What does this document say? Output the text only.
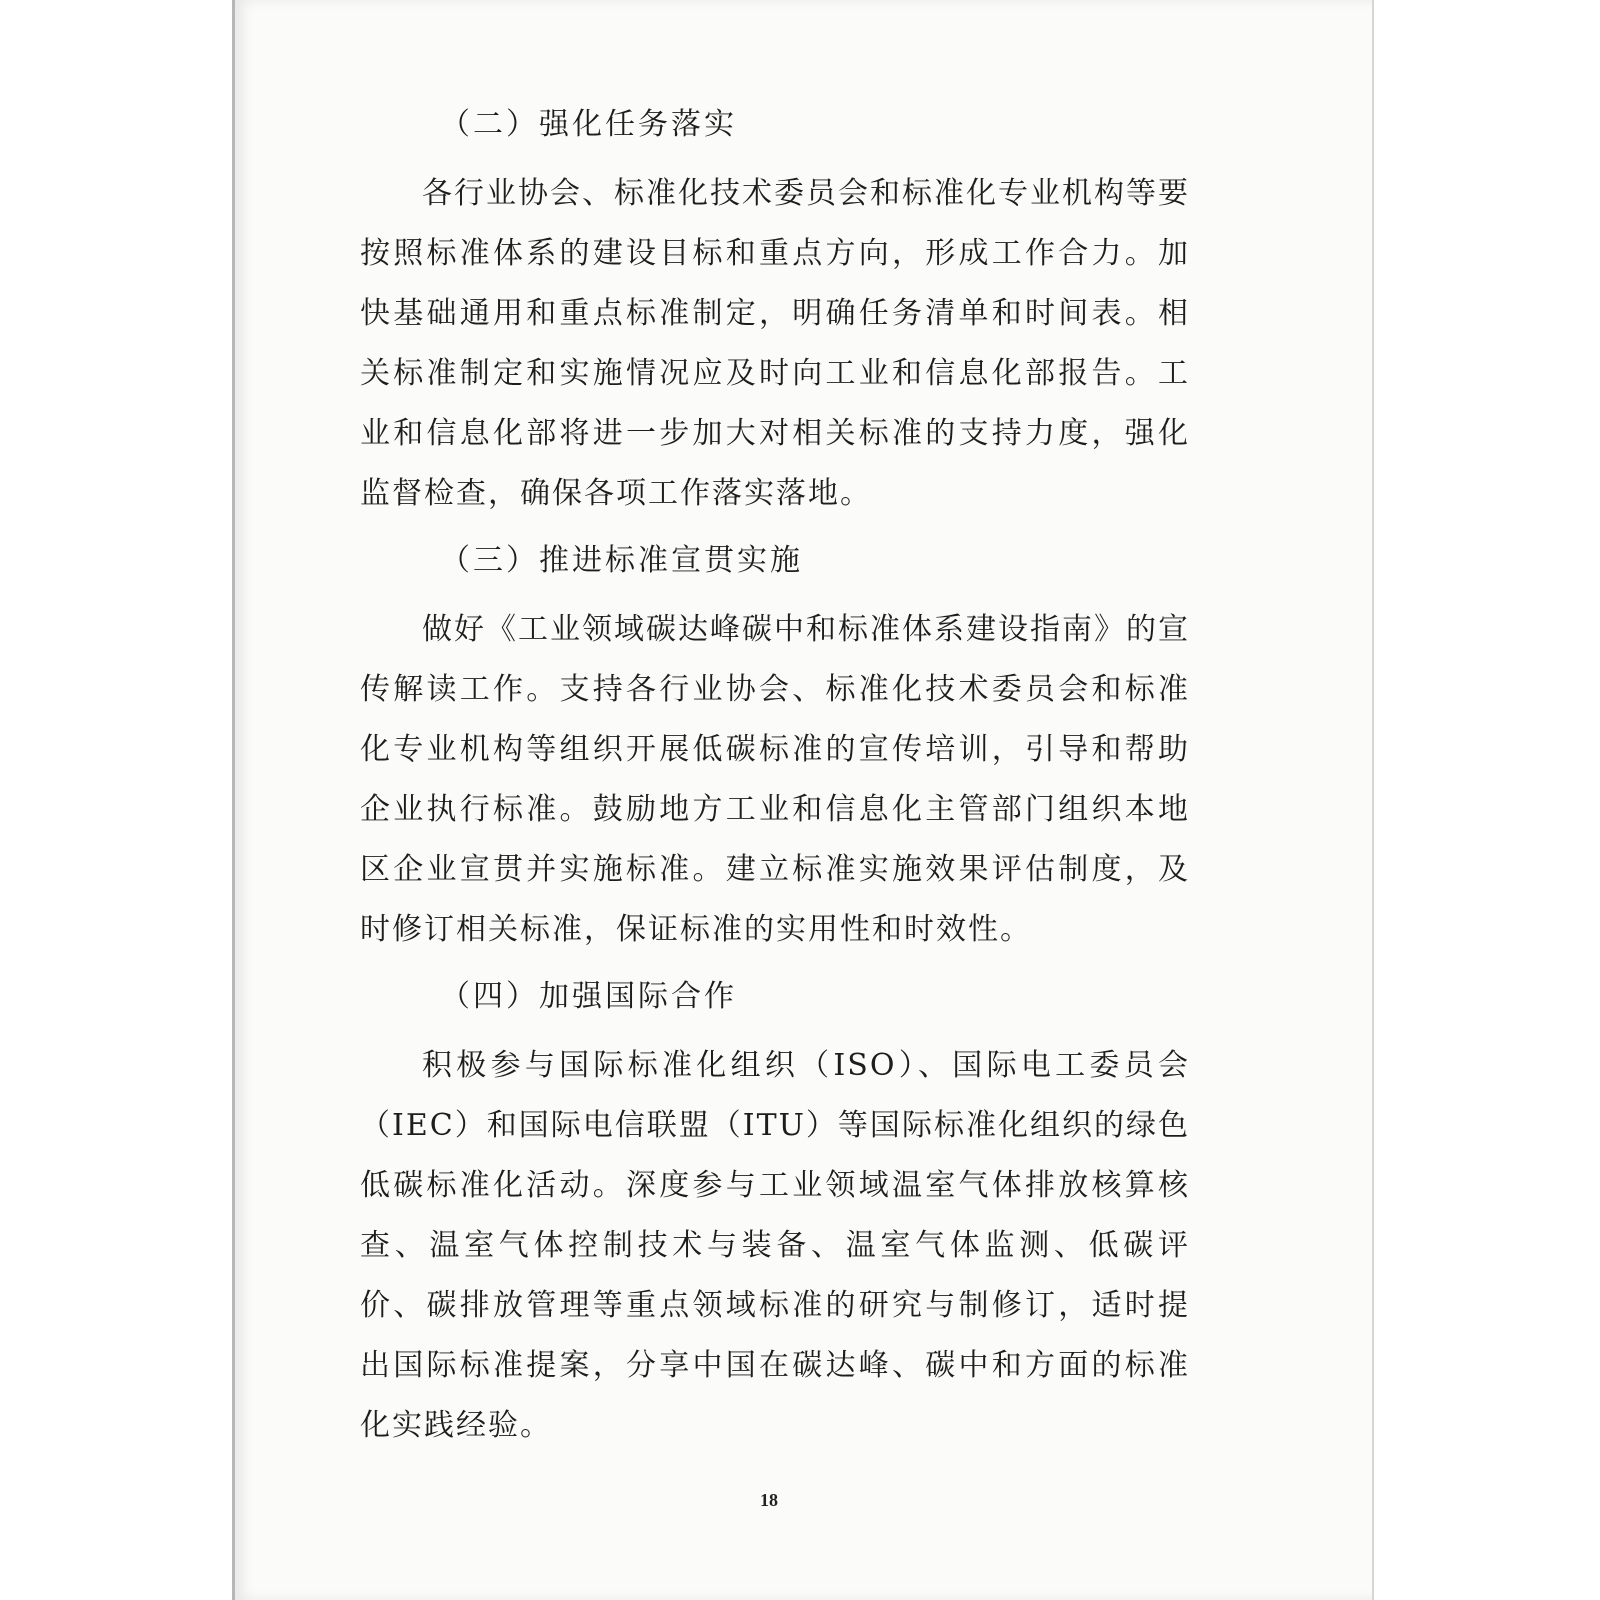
（二）强化任务落实

各行业协会、标准化技术委员会和标准化专业机构等要按照标准体系的建设目标和重点方向，形成工作合力。加快基础通用和重点标准制定，明确任务清单和时间表。相关标准制定和实施情况应及时向工业和信息化部报告。工业和信息化部将进一步加大对相关标准的支持力度，强化监督检查，确保各项工作落实落地。

（三）推进标准宣贯实施

做好《工业领域碳达峰碳中和标准体系建设指南》的宣传解读工作。支持各行业协会、标准化技术委员会和标准化专业机构等组织开展低碳标准的宣传培训，引导和帮助企业执行标准。鼓励地方工业和信息化主管部门组织本地区企业宣贯并实施标准。建立标准实施效果评估制度，及时修订相关标准，保证标准的实用性和时效性。

（四）加强国际合作

积极参与国际标准化组织（ISO）、国际电工委员会（IEC）和国际电信联盟（ITU）等国际标准化组织的绿色低碳标准化活动。深度参与工业领域温室气体排放核算核查、温室气体控制技术与装备、温室气体监测、低碳评价、碳排放管理等重点领域标准的研究与制修订，适时提出国际标准提案，分享中国在碳达峰、碳中和方面的标准化实践经验。

18
